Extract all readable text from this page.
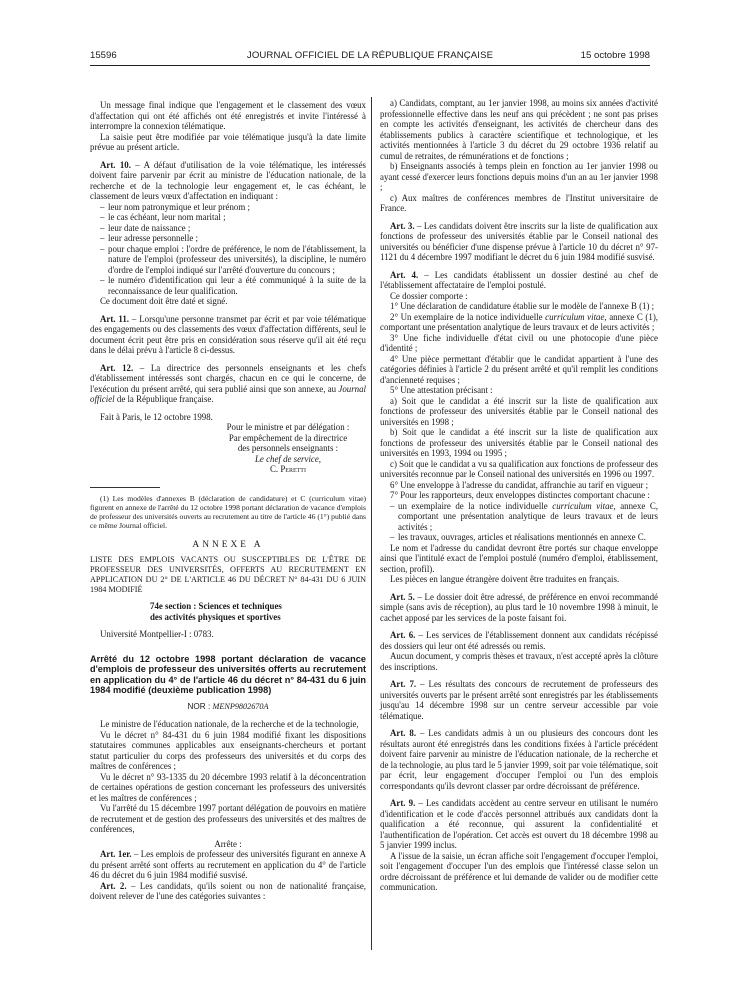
15596	JOURNAL OFFICIEL DE LA RÉPUBLIQUE FRANÇAISE	15 octobre 1998

Un message final indique que l'engagement et le classement des vœux d'affectation qui ont été affichés ont été enregistrés et invite l'intéressé à interrompre la connexion télématique.

La saisie peut être modifiée par voie télématique jusqu'à la date limite prévue au présent article.

Art. 10. – A défaut d'utilisation de la voie télématique, les intéressés doivent faire parvenir par écrit au ministre de l'éducation nationale, de la recherche et de la technologie leur engagement et, le cas échéant, le classement de leurs vœux d'affectation en indiquant :

– leur nom patronymique et leur prénom ;
– le cas échéant, leur nom marital ;
– leur date de naissance ;
– leur adresse personnelle ;
– pour chaque emploi : l'ordre de préférence, le nom de l'établissement, la nature de l'emploi (professeur des universités), la discipline, le numéro d'ordre de l'emploi indiqué sur l'arrêté d'ouverture du concours ;
– le numéro d'identification qui leur a été communiqué à la suite de la reconnaissance de leur qualification.

Ce document doit être daté et signé.

Art. 11. – Lorsqu'une personne transmet par écrit et par voie télématique des engagements ou des classements des vœux d'affectation différents, seul le document écrit peut être pris en considération sous réserve qu'il ait été reçu dans le délai prévu à l'article 8 ci-dessus.

Art. 12. – La directrice des personnels enseignants et les chefs d'établissement intéressés sont chargés, chacun en ce qui le concerne, de l'exécution du présent arrêté, qui sera publié ainsi que son annexe, au Journal officiel de la République française.

Fait à Paris, le 12 octobre 1998.

Pour le ministre et par délégation :
Par empêchement de la directrice
des personnels enseignants :
Le chef de service,
C. Peretti

(1) Les modèles d'annexes B (déclaration de candidature) et C (curriculum vitae) figurent en annexe de l'arrêté du 12 octobre 1998 portant déclaration de vacance d'emplois de professeur des universités ouverts au recrutement au titre de l'article 46 (1°) publié dans ce même Journal officiel.

ANNEXE A
LISTE DES EMPLOIS VACANTS OU SUSCEPTIBLES DE L'ÊTRE DE PROFESSEUR DES UNIVERSITÉS, OFFERTS AU RECRUTEMENT EN APPLICATION DU 2° DE L'ARTICLE 46 DU DÉCRET N° 84-431 DU 6 JUIN 1984 MODIFIÉ
74e section : Sciences et techniques
des activités physiques et sportives

Université Montpellier-I : 0783.

Arrêté du 12 octobre 1998 portant déclaration de vacance d'emplois de professeur des universités offerts au recrutement en application du 4° de l'article 46 du décret n° 84-431 du 6 juin 1984 modifié (deuxième publication 1998)
NOR : MENP9802670A

Le ministre de l'éducation nationale, de la recherche et de la technologie,

Vu le décret n° 84-431 du 6 juin 1984 modifié fixant les dispositions statutaires communes applicables aux enseignants-chercheurs et portant statut particulier du corps des professeurs des universités et du corps des maîtres de conférences ;

Vu le décret n° 93-1335 du 20 décembre 1993 relatif à la déconcentration de certaines opérations de gestion concernant les professeurs des universités et les maîtres de conférences ;

Vu l'arrêté du 15 décembre 1997 portant délégation de pouvoirs en matière de recrutement et de gestion des professeurs des universités et des maîtres de conférences,

Arrête :

Art. 1er. – Les emplois de professeur des universités figurant en annexe A du présent arrêté sont offerts au recrutement en application du 4° de l'article 46 du décret du 6 juin 1984 modifié susvisé.

Art. 2. – Les candidats, qu'ils soient ou non de nationalité française, doivent relever de l'une des catégories suivantes :

a) Candidats, comptant, au 1er janvier 1998, au moins six années d'activité professionnelle effective dans les neuf ans qui précèdent ; ne sont pas prises en compte les activités d'enseignant, les activités de chercheur dans des établissements publics à caractère scientifique et technologique, et les activités mentionnées à l'article 3 du décret du 29 octobre 1936 relatif au cumul de retraites, de rémunérations et de fonctions ;

b) Enseignants associés à temps plein en fonction au 1er janvier 1998 ou ayant cessé d'exercer leurs fonctions depuis moins d'un an au 1er janvier 1998 ;

c) Aux maîtres de conférences membres de l'Institut universitaire de France.

Art. 3. – Les candidats doivent être inscrits sur la liste de qualification aux fonctions de professeur des universités établie par le Conseil national des universités ou bénéficier d'une dispense prévue à l'article 10 du décret n° 97-1121 du 4 décembre 1997 modifiant le décret du 6 juin 1984 modifié susvisé.

Art. 4. – Les candidats établissent un dossier destiné au chef de l'établissement affectataire de l'emploi postulé.

Ce dossier comporte :

1° Une déclaration de candidature établie sur le modèle de l'annexe B (1) ;

2° Un exemplaire de la notice individuelle curriculum vitae, annexe C (1), comportant une présentation analytique de leurs travaux et de leurs activités ;

3° Une fiche individuelle d'état civil ou une photocopie d'une pièce d'identité ;

4° Une pièce permettant d'établir que le candidat appartient à l'une des catégories définies à l'article 2 du présent arrêté et qu'il remplit les conditions d'ancienneté requises ;

5° Une attestation précisant :

a) Soit que le candidat a été inscrit sur la liste de qualification aux fonctions de professeur des universités établie par le Conseil national des universités en 1998 ;

b) Soit que le candidat a été inscrit sur la liste de qualification aux fonctions de professeur des universités établie par le Conseil national des universités en 1993, 1994 ou 1995 ;

c) Soit que le candidat a vu sa qualification aux fonctions de professeur des universités reconnue par le Conseil national des universités en 1996 ou 1997.

6° Une enveloppe à l'adresse du candidat, affranchie au tarif en vigueur ;

7° Pour les rapporteurs, deux enveloppes distinctes comportant chacune :

– un exemplaire de la notice individuelle curriculum vitae, annexe C, comportant une présentation analytique de leurs travaux et de leurs activités ;
– les travaux, ouvrages, articles et réalisations mentionnés en annexe C.

Le nom et l'adresse du candidat devront être portés sur chaque enveloppe ainsi que l'intitulé exact de l'emploi postulé (numéro d'emploi, établissement, section, profil).

Les pièces en langue étrangère doivent être traduites en français.

Art. 5. – Le dossier doit être adressé, de préférence en envoi recommandé simple (sans avis de réception), au plus tard le 10 novembre 1998 à minuit, le cachet apposé par les services de la poste faisant foi.

Art. 6. – Les services de l'établissement donnent aux candidats récépissé des dossiers qui leur ont été adressés ou remis.

Aucun document, y compris thèses et travaux, n'est accepté après la clôture des inscriptions.

Art. 7. – Les résultats des concours de recrutement de professeurs des universités ouverts par le présent arrêté sont enregistrés par les établissements jusqu'au 14 décembre 1998 sur un centre serveur accessible par voie télématique.

Art. 8. – Les candidats admis à un ou plusieurs des concours dont les résultats auront été enregistrés dans les conditions fixées à l'article précédent doivent faire parvenir au ministre de l'éducation nationale, de la recherche et de la technologie, au plus tard le 5 janvier 1999, soit par voie télématique, soit par écrit, leur engagement d'occuper l'emploi ou l'un des emplois correspondants qu'ils devront classer par ordre décroissant de préférence.

Art. 9. – Les candidats accèdent au centre serveur en utilisant le numéro d'identification et le code d'accès personnel attribués aux candidats dont la qualification a été reconnue, qui assurent la confidentialité et l'authentification de l'opération. Cet accès est ouvert du 18 décembre 1998 au 5 janvier 1999 inclus.

A l'issue de la saisie, un écran affiche soit l'engagement d'occuper l'emploi, soit l'engagement d'occuper l'un des emplois que l'intéressé classe selon un ordre décroissant de préférence et lui demande de valider ou de modifier cette communication.
